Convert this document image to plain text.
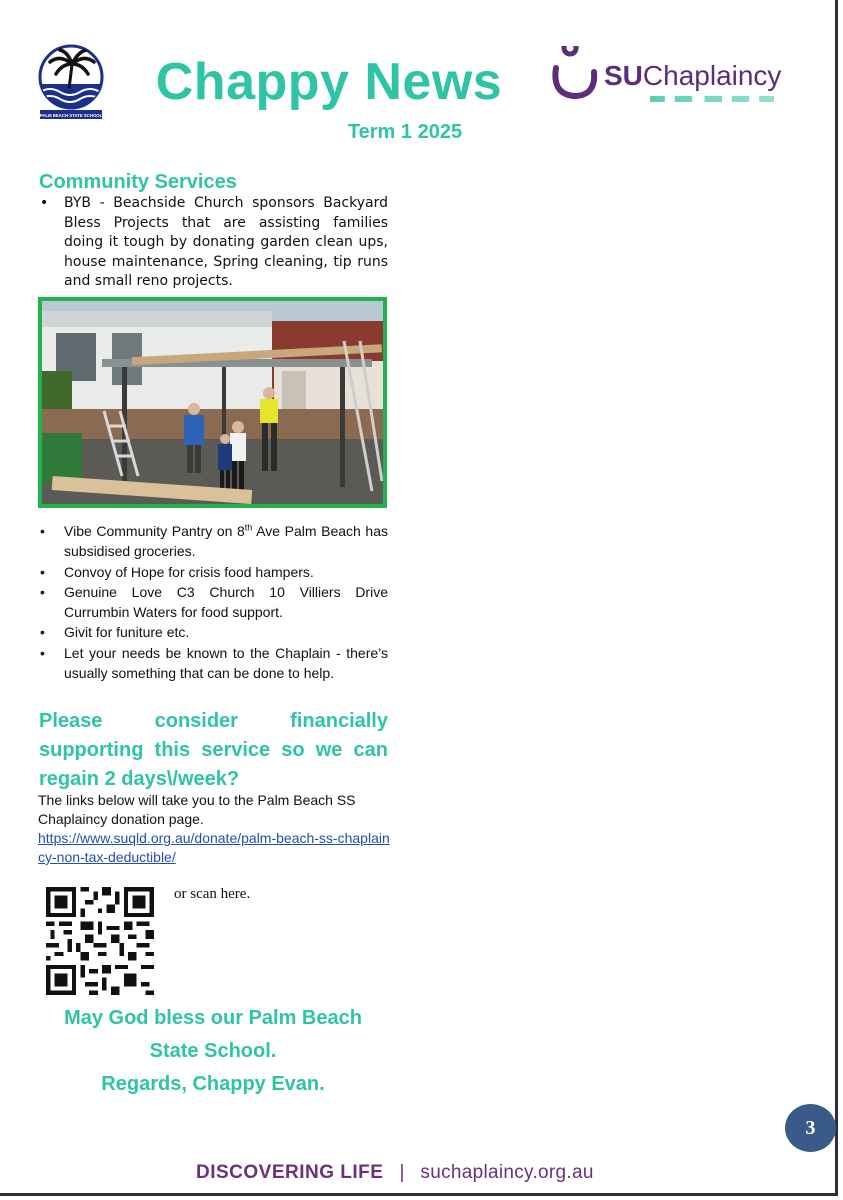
PALM BEACH STATE SCHOOL
Chappy News
Term 1 2025
SUChaplaincy
Community Services
• BYB - Beachside Church sponsors Backyard Bless Projects that are assisting families doing it tough by donating garden clean ups, house maintenance, Spring cleaning, tip runs and small reno projects.
• Vibe Community Pantry on 8th Ave Palm Beach has subsidised groceries.
• Convoy of Hope for crisis food hampers.
• Genuine Love C3 Church 10 Villiers Drive Currumbin Waters for food support.
• Givit for funiture etc.
• Let your needs be known to the Chaplain - there’s usually something that can be done to help.
Please consider financially supporting this service so we can regain 2 days\/week?
The links below will take you to the Palm Beach SS Chaplaincy donation page.
https://www.suqld.org.au/donate/palm-beach-ss-chaplaincy-non-tax-deductible/
or scan here.
May God bless our Palm Beach State School.
Regards, Chappy Evan.
3
DISCOVERING LIFE | suchaplaincy.org.au
